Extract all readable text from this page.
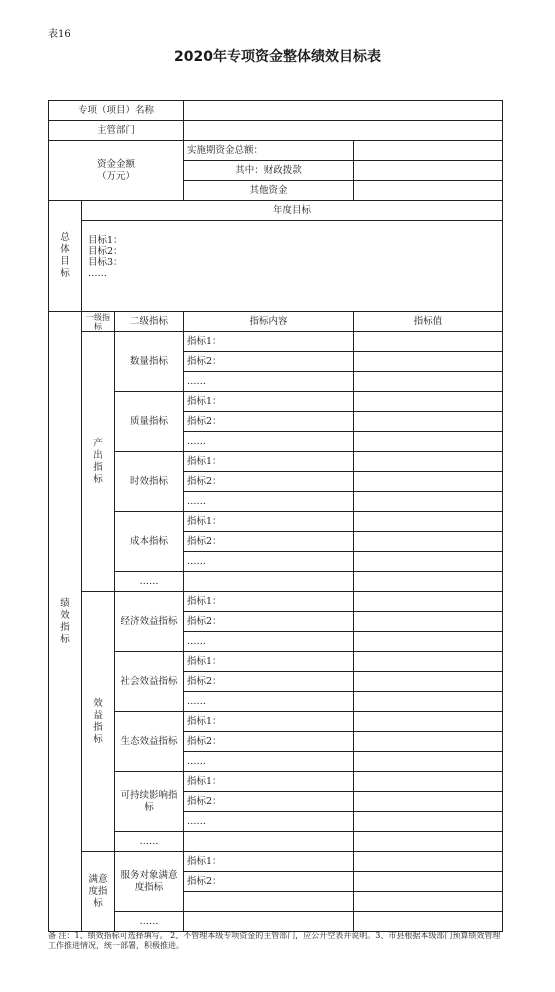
表16
2020年专项资金整体绩效目标表
专项（项目）名称				
主管部门				

资金金额
（万元）			实施期资金总额：	
			其中：财政拨款	
			其他资金	

总
体
目
标	年度目标			

	目标1：
目标2：
目标3：
……			

绩
效
指
标	一级指标	二级指标	指标内容	指标值

	产
出
指
标	数量指标	指标1：	
			指标2：	
			……	
		质量指标	指标1：	
			指标2：	
			……	
		时效指标	指标1：	
			指标2：	
			……	
		成本指标	指标1：	
			指标2：	
			……	
		……		

	效
益
指
标	经济效益指标	指标1：	
			指标2：	
			……	
		社会效益指标	指标1：	
			指标2：	
			……	
		生态效益指标	指标1：	
			指标2：	
			……	
		可持续影响指标	指标1：	
			指标2：	
			……	
		……		

	满意
度指
标	服务对象满意度指标	指标1：	
			指标2：	

		……		
备 注：1、绩效指标可选择填写。 2、不管理本级专项资金的主管部门，应公开空表并说明。3、市县根据本级部门预算绩效管理工作推进情况，统一部署，积极推进。
